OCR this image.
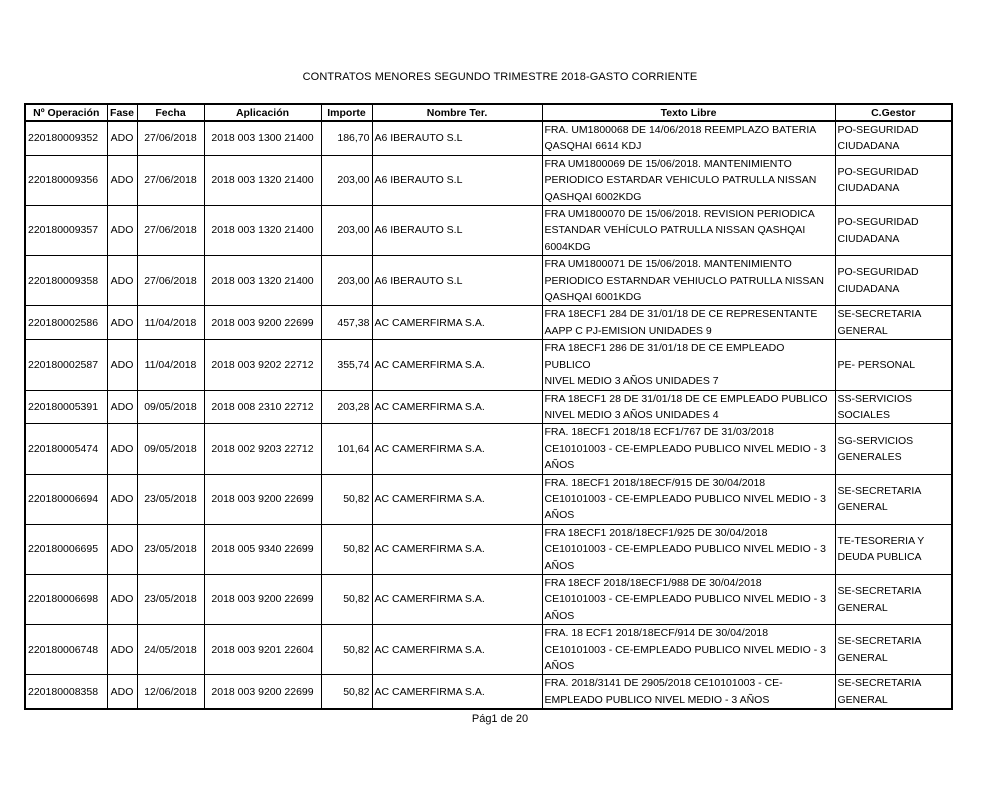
CONTRATOS MENORES SEGUNDO TRIMESTRE 2018-GASTO CORRIENTE
Nº Operación	Fase	Fecha	Aplicación	Importe	Nombre Ter.	Texto Libre	C.Gestor
220180009352	ADO	27/06/2018	2018 003 1300 21400	186,70	A6 IBERAUTO S.L	FRA. UM1800068 DE 14/06/2018 REEMPLAZO BATERIA
QASQHAI 6614 KDJ	PO-SEGURIDAD
CIUDADANA
220180009356	ADO	27/06/2018	2018 003 1320 21400	203,00	A6 IBERAUTO S.L	FRA UM1800069 DE 15/06/2018. MANTENIMIENTO
PERIODICO ESTARDAR VEHICULO PATRULLA NISSAN
QASHQAI 6002KDG	PO-SEGURIDAD
CIUDADANA
220180009357	ADO	27/06/2018	2018 003 1320 21400	203,00	A6 IBERAUTO S.L	FRA UM1800070 DE 15/06/2018. REVISION PERIODICA
ESTANDAR VEHÍCULO PATRULLA NISSAN QASHQAI
6004KDG	PO-SEGURIDAD
CIUDADANA
220180009358	ADO	27/06/2018	2018 003 1320 21400	203,00	A6 IBERAUTO S.L	FRA UM1800071 DE 15/06/2018. MANTENIMIENTO
PERIODICO ESTARNDAR VEHIUCLO PATRULLA NISSAN
QASHQAI 6001KDG	PO-SEGURIDAD
CIUDADANA
220180002586	ADO	11/04/2018	2018 003 9200 22699	457,38	AC CAMERFIRMA S.A.	FRA 18ECF1 284 DE 31/01/18 DE CE REPRESENTANTE
AAPP C PJ-EMISION UNIDADES 9	SE-SECRETARIA
GENERAL
220180002587	ADO	11/04/2018	2018 003 9202 22712	355,74	AC CAMERFIRMA S.A.	FRA 18ECF1 286 DE 31/01/18 DE CE EMPLEADO PUBLICO
NIVEL MEDIO 3 AÑOS UNIDADES 7	PE- PERSONAL
220180005391	ADO	09/05/2018	2018 008 2310 22712	203,28	AC CAMERFIRMA S.A.	FRA 18ECF1 28 DE 31/01/18 DE CE EMPLEADO PUBLICO
NIVEL MEDIO 3 AÑOS UNIDADES 4	SS-SERVICIOS
SOCIALES
220180005474	ADO	09/05/2018	2018 002 9203 22712	101,64	AC CAMERFIRMA S.A.	FRA. 18ECF1 2018/18 ECF1/767 DE 31/03/2018
CE10101003 - CE-EMPLEADO PUBLICO NIVEL MEDIO - 3
AÑOS	SG-SERVICIOS
GENERALES
220180006694	ADO	23/05/2018	2018 003 9200 22699	50,82	AC CAMERFIRMA S.A.	FRA. 18ECF1 2018/18ECF/915 DE 30/04/2018
CE10101003 - CE-EMPLEADO PUBLICO NIVEL MEDIO - 3
AÑOS	SE-SECRETARIA
GENERAL
220180006695	ADO	23/05/2018	2018 005 9340 22699	50,82	AC CAMERFIRMA S.A.	FRA 18ECF1 2018/18ECF1/925 DE 30/04/2018
CE10101003 - CE-EMPLEADO PUBLICO NIVEL MEDIO - 3
AÑOS	TE-TESORERIA Y
DEUDA PUBLICA
220180006698	ADO	23/05/2018	2018 003 9200 22699	50,82	AC CAMERFIRMA S.A.	FRA 18ECF 2018/18ECF1/988 DE 30/04/2018
CE10101003 - CE-EMPLEADO PUBLICO NIVEL MEDIO - 3
AÑOS	SE-SECRETARIA
GENERAL
220180006748	ADO	24/05/2018	2018 003 9201 22604	50,82	AC CAMERFIRMA S.A.	FRA. 18 ECF1 2018/18ECF/914 DE 30/04/2018
CE10101003 - CE-EMPLEADO PUBLICO NIVEL MEDIO - 3
AÑOS	SE-SECRETARIA
GENERAL
220180008358	ADO	12/06/2018	2018 003 9200 22699	50,82	AC CAMERFIRMA S.A.	FRA. 2018/3141 DE 2905/2018 CE10101003 - CE-
EMPLEADO PUBLICO NIVEL MEDIO - 3 AÑOS	SE-SECRETARIA
GENERAL
Pág1 de 20
